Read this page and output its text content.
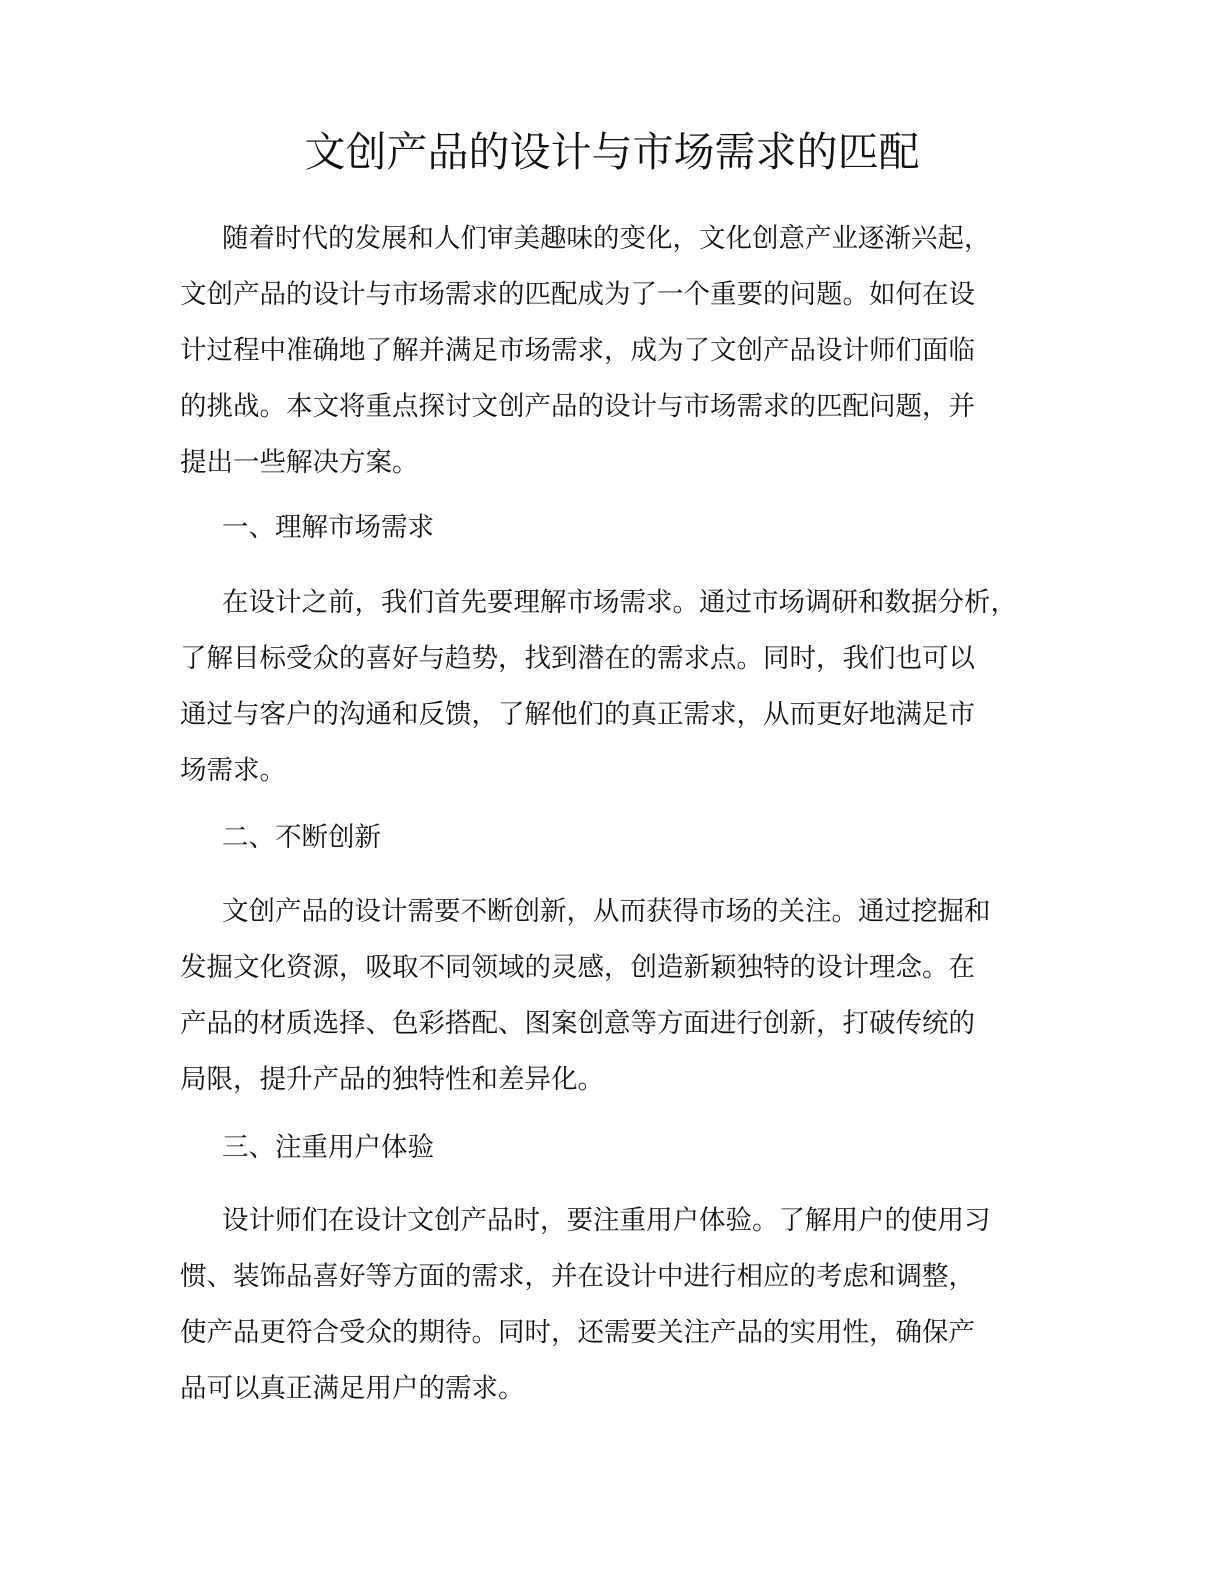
文创产品的设计与市场需求的匹配
随着时代的发展和人们审美趣味的变化，文化创意产业逐渐兴起，
文创产品的设计与市场需求的匹配成为了一个重要的问题。如何在设
计过程中准确地了解并满足市场需求，成为了文创产品设计师们面临
的挑战。本文将重点探讨文创产品的设计与市场需求的匹配问题，并
提出一些解决方案。
一、理解市场需求
在设计之前，我们首先要理解市场需求。通过市场调研和数据分析，
了解目标受众的喜好与趋势，找到潜在的需求点。同时，我们也可以
通过与客户的沟通和反馈，了解他们的真正需求，从而更好地满足市
场需求。
二、不断创新
文创产品的设计需要不断创新，从而获得市场的关注。通过挖掘和
发掘文化资源，吸取不同领域的灵感，创造新颖独特的设计理念。在
产品的材质选择、色彩搭配、图案创意等方面进行创新，打破传统的
局限，提升产品的独特性和差异化。
三、注重用户体验
设计师们在设计文创产品时，要注重用户体验。了解用户的使用习
惯、装饰品喜好等方面的需求，并在设计中进行相应的考虑和调整，
使产品更符合受众的期待。同时，还需要关注产品的实用性，确保产
品可以真正满足用户的需求。
